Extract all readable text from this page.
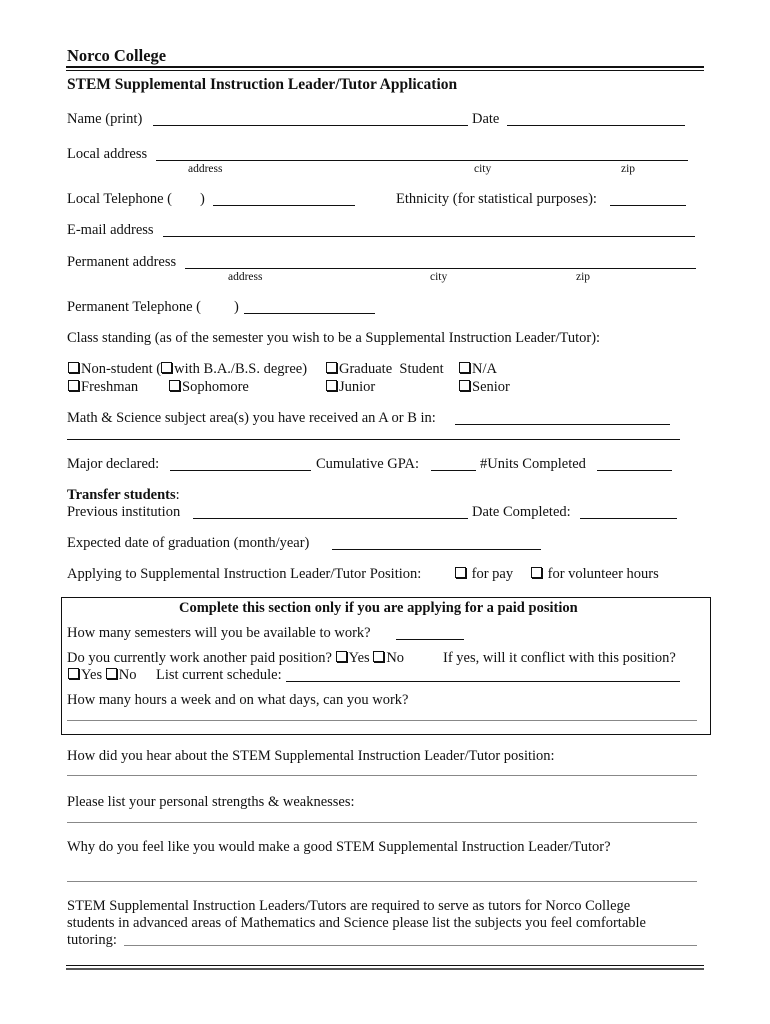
Norco College
STEM Supplemental Instruction Leader/Tutor Application
Name (print)	Date
Local address
address	city	zip
Local Telephone ( )	Ethnicity (for statistical purposes):
E-mail address
Permanent address
address	city	zip
Permanent Telephone ( )
Class standing (as of the semester you wish to be a Supplemental Instruction Leader/Tutor):
Non-student ( with B.A./B.S. degree)	Graduate  Student	N/A
Freshman	Sophomore	Junior	Senior
Math & Science subject area(s) you have received an A or B in:
Major declared:	Cumulative GPA:	#Units Completed
Transfer students:
Previous institution	Date Completed:
Expected date of graduation (month/year)
Applying to Supplemental Instruction Leader/Tutor Position:	for pay	for volunteer hours
Complete this section only if you are applying for a paid position
How many semesters will you be available to work?
Do you currently work another paid position? Yes No	If yes, will it conflict with this position?
Yes No List current schedule:
How many hours a week and on what days, can you work?
How did you hear about the STEM Supplemental Instruction Leader/Tutor position:
Please list your personal strengths & weaknesses:
Why do you feel like you would make a good STEM Supplemental Instruction Leader/Tutor?
STEM Supplemental Instruction Leaders/Tutors are required to serve as tutors for Norco College
students in advanced areas of Mathematics and Science please list the subjects you feel comfortable
tutoring:
